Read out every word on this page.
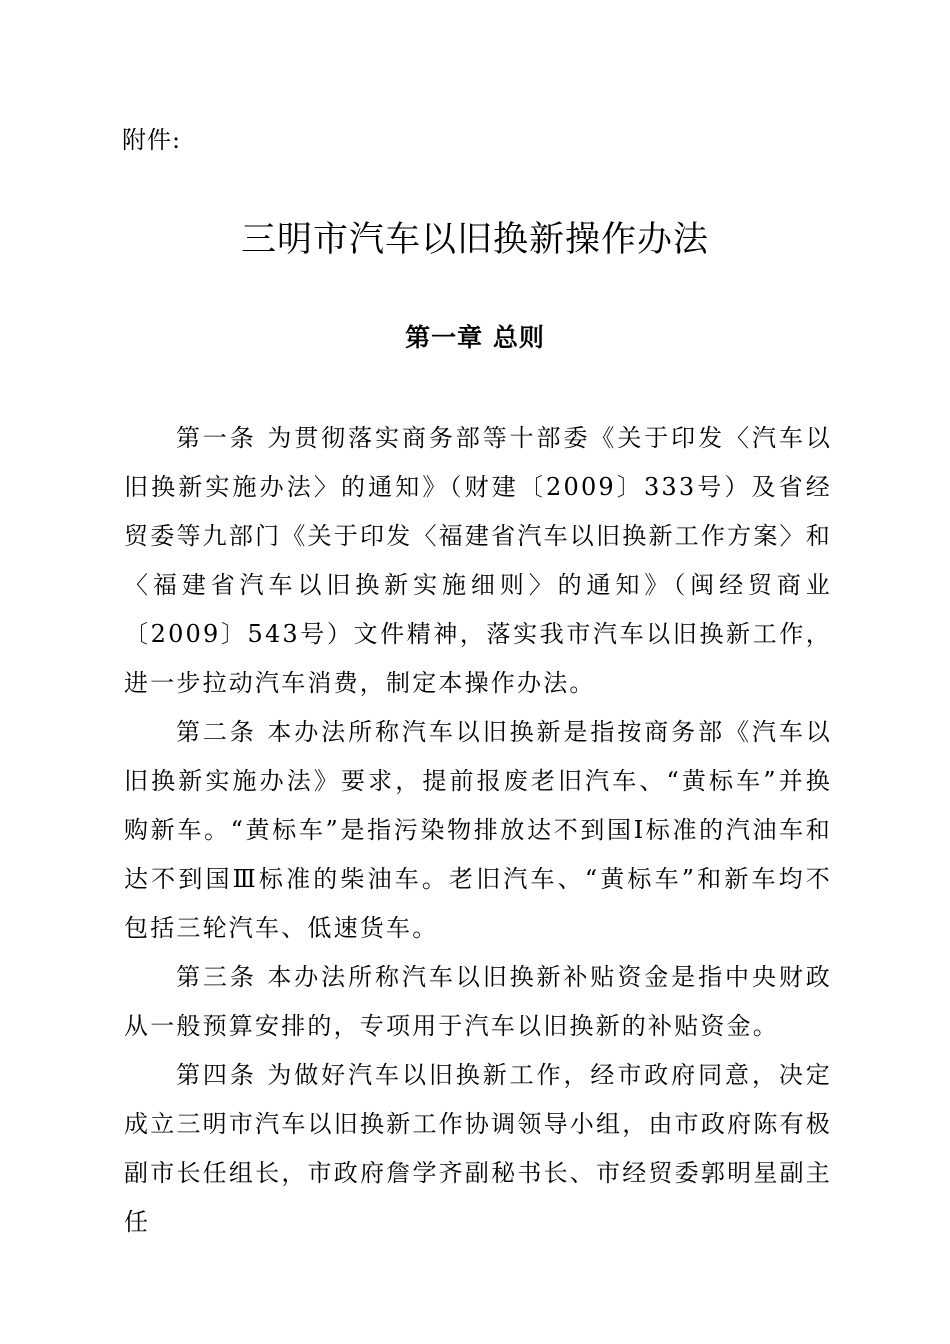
附件:
三明市汽车以旧换新操作办法
第一章 总则

第一条 为贯彻落实商务部等十部委《关于印发〈汽车以旧换新实施办法〉的通知》（财建〔2009〕333号）及省经贸委等九部门《关于印发〈福建省汽车以旧换新工作方案〉和〈福建省汽车以旧换新实施细则〉的通知》（闽经贸商业〔2009〕543号）文件精神，落实我市汽车以旧换新工作，进一步拉动汽车消费，制定本操作办法。

第二条 本办法所称汽车以旧换新是指按商务部《汽车以旧换新实施办法》要求，提前报废老旧汽车、“黄标车”并换购新车。“黄标车”是指污染物排放达不到国Ⅰ标准的汽油车和达不到国Ⅲ标准的柴油车。老旧汽车、“黄标车”和新车均不包括三轮汽车、低速货车。

第三条 本办法所称汽车以旧换新补贴资金是指中央财政从一般预算安排的，专项用于汽车以旧换新的补贴资金。

第四条 为做好汽车以旧换新工作，经市政府同意，决定成立三明市汽车以旧换新工作协调领导小组，由市政府陈有极副市长任组长，市政府詹学齐副秘书长、市经贸委郭明星副主任
